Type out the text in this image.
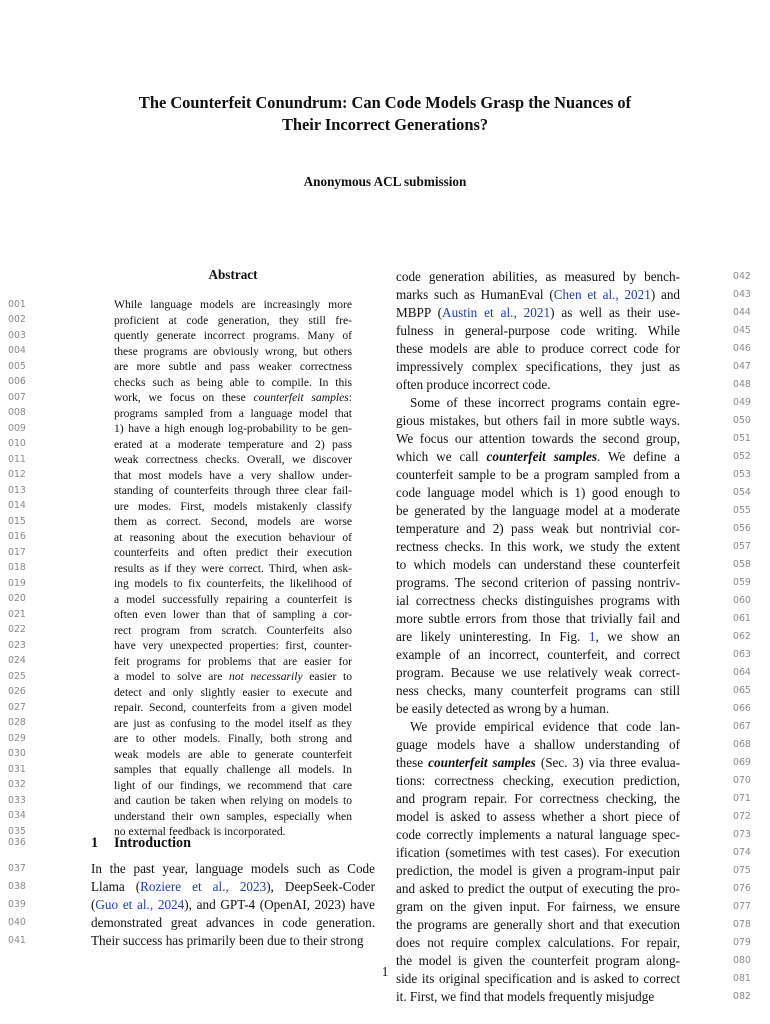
The Counterfeit Conundrum: Can Code Models Grasp the Nuances of
Their Incorrect Generations?
Anonymous ACL submission
Abstract
While language models are increasingly more
proficient at code generation, they still fre-
quently generate incorrect programs. Many of
these programs are obviously wrong, but others
are more subtle and pass weaker correctness
checks such as being able to compile. In this
work, we focus on these counterfeit samples:
programs sampled from a language model that
1) have a high enough log-probability to be gen-
erated at a moderate temperature and 2) pass
weak correctness checks. Overall, we discover
that most models have a very shallow under-
standing of counterfeits through three clear fail-
ure modes. First, models mistakenly classify
them as correct. Second, models are worse
at reasoning about the execution behaviour of
counterfeits and often predict their execution
results as if they were correct. Third, when ask-
ing models to fix counterfeits, the likelihood of
a model successfully repairing a counterfeit is
often even lower than that of sampling a cor-
rect program from scratch. Counterfeits also
have very unexpected properties: first, counter-
feit programs for problems that are easier for
a model to solve are not necessarily easier to
detect and only slightly easier to execute and
repair. Second, counterfeits from a given model
are just as confusing to the model itself as they
are to other models. Finally, both strong and
weak models are able to generate counterfeit
samples that equally challenge all models. In
light of our findings, we recommend that care
and caution be taken when relying on models to
understand their own samples, especially when
no external feedback is incorporated.
1 Introduction
In the past year, language models such as Code
Llama (Roziere et al., 2023), DeepSeek-Coder
(Guo et al., 2024), and GPT-4 (OpenAI, 2023) have
demonstrated great advances in code generation.
Their success has primarily been due to their strong
code generation abilities, as measured by bench-
marks such as HumanEval (Chen et al., 2021) and
MBPP (Austin et al., 2021) as well as their use-
fulness in general-purpose code writing. While
these models are able to produce correct code for
impressively complex specifications, they just as
often produce incorrect code.
Some of these incorrect programs contain egre-
gious mistakes, but others fail in more subtle ways.
We focus our attention towards the second group,
which we call counterfeit samples. We define a
counterfeit sample to be a program sampled from a
code language model which is 1) good enough to
be generated by the language model at a moderate
temperature and 2) pass weak but nontrivial cor-
rectness checks. In this work, we study the extent
to which models can understand these counterfeit
programs. The second criterion of passing nontriv-
ial correctness checks distinguishes programs with
more subtle errors from those that trivially fail and
are likely uninteresting. In Fig. 1, we show an
example of an incorrect, counterfeit, and correct
program. Because we use relatively weak correct-
ness checks, many counterfeit programs can still
be easily detected as wrong by a human.
We provide empirical evidence that code lan-
guage models have a shallow understanding of
these counterfeit samples (Sec. 3) via three evalua-
tions: correctness checking, execution prediction,
and program repair. For correctness checking, the
model is asked to assess whether a short piece of
code correctly implements a natural language spec-
ification (sometimes with test cases). For execution
prediction, the model is given a program-input pair
and asked to predict the output of executing the pro-
gram on the given input. For fairness, we ensure
the programs are generally short and that execution
does not require complex calculations. For repair,
the model is given the counterfeit program along-
side its original specification and is asked to correct
it. First, we find that models frequently misjudge
001
002
003
004
005
006
007
008
009
010
011
012
013
014
015
016
017
018
019
020
021
022
023
024
025
026
027
028
029
030
031
032
033
034
035
037
038
039
040
041
042
043
044
045
046
047
048
049
050
051
052
053
054
055
056
057
058
059
060
061
062
063
064
065
066
067
068
069
070
071
072
073
074
075
076
077
078
079
080
081
082
036
1
